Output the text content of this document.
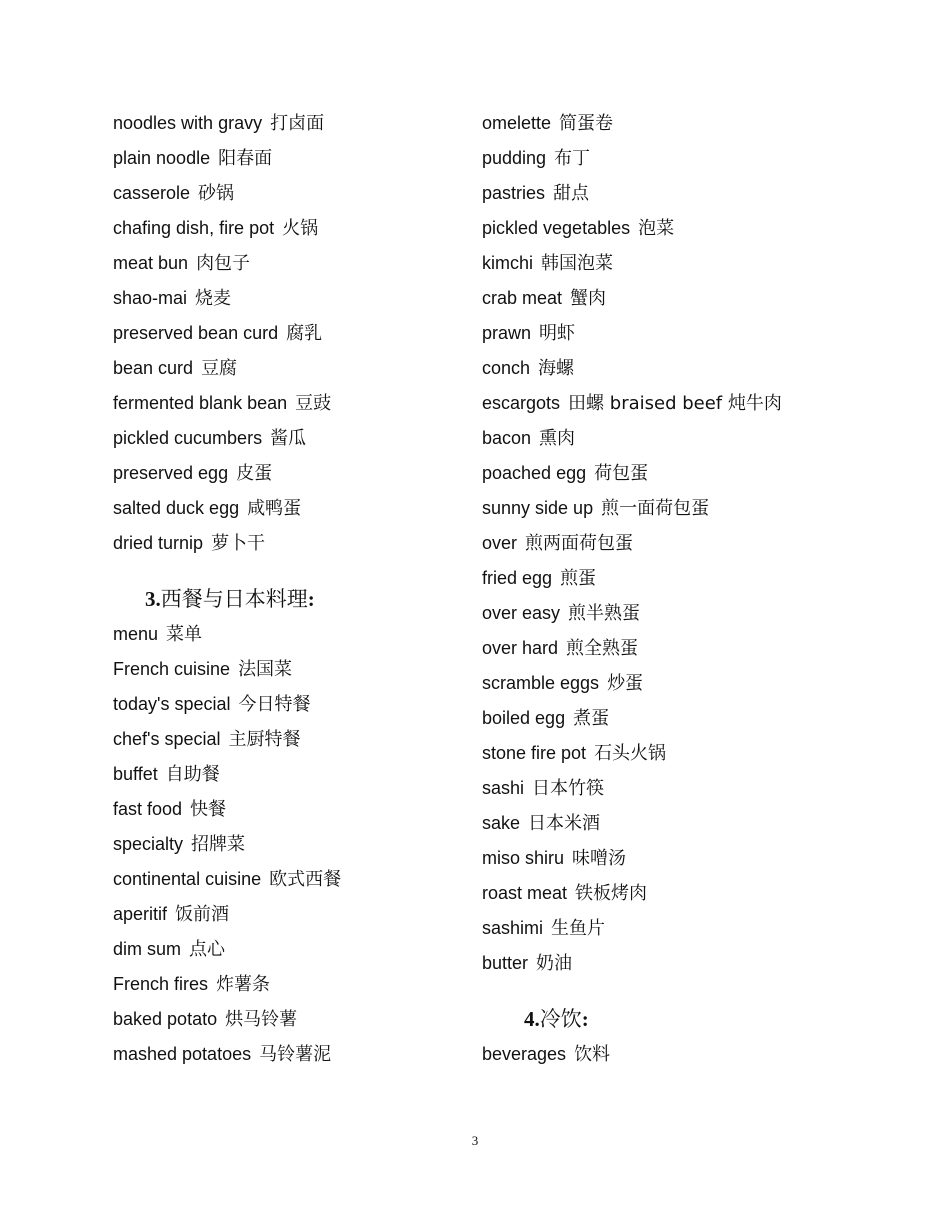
noodles with gravy 打卤面
plain noodle 阳春面
casserole 砂锅
chafing dish, fire pot 火锅
meat bun 肉包子
shao-mai 烧麦
preserved bean curd 腐乳
bean curd 豆腐
fermented blank bean 豆豉
pickled cucumbers 酱瓜
preserved egg 皮蛋
salted duck egg 咸鸭蛋
dried turnip 萝卜干
3.西餐与日本料理:
menu 菜单
French cuisine 法国菜
today's special 今日特餐
chef's special 主厨特餐
buffet 自助餐
fast food 快餐
specialty 招牌菜
continental cuisine 欧式西餐
aperitif 饭前酒
dim sum 点心
French fires 炸薯条
baked potato 烘马铃薯
mashed potatoes 马铃薯泥
omelette 简蛋卷
pudding 布丁
pastries 甜点
pickled vegetables 泡菜
kimchi 韩国泡菜
crab meat 蟹肉
prawn 明虾
conch 海螺
escargots 田螺 braised beef 炖牛肉
bacon 熏肉
poached egg 荷包蛋
sunny side up 煎一面荷包蛋
over 煎两面荷包蛋
fried egg 煎蛋
over easy 煎半熟蛋
over hard 煎全熟蛋
scramble eggs 炒蛋
boiled egg 煮蛋
stone fire pot 石头火锅
sashi 日本竹筷
sake 日本米酒
miso shiru 味噌汤
roast meat 铁板烤肉
sashimi 生鱼片
butter 奶油
4.冷饮:
beverages 饮料
3
